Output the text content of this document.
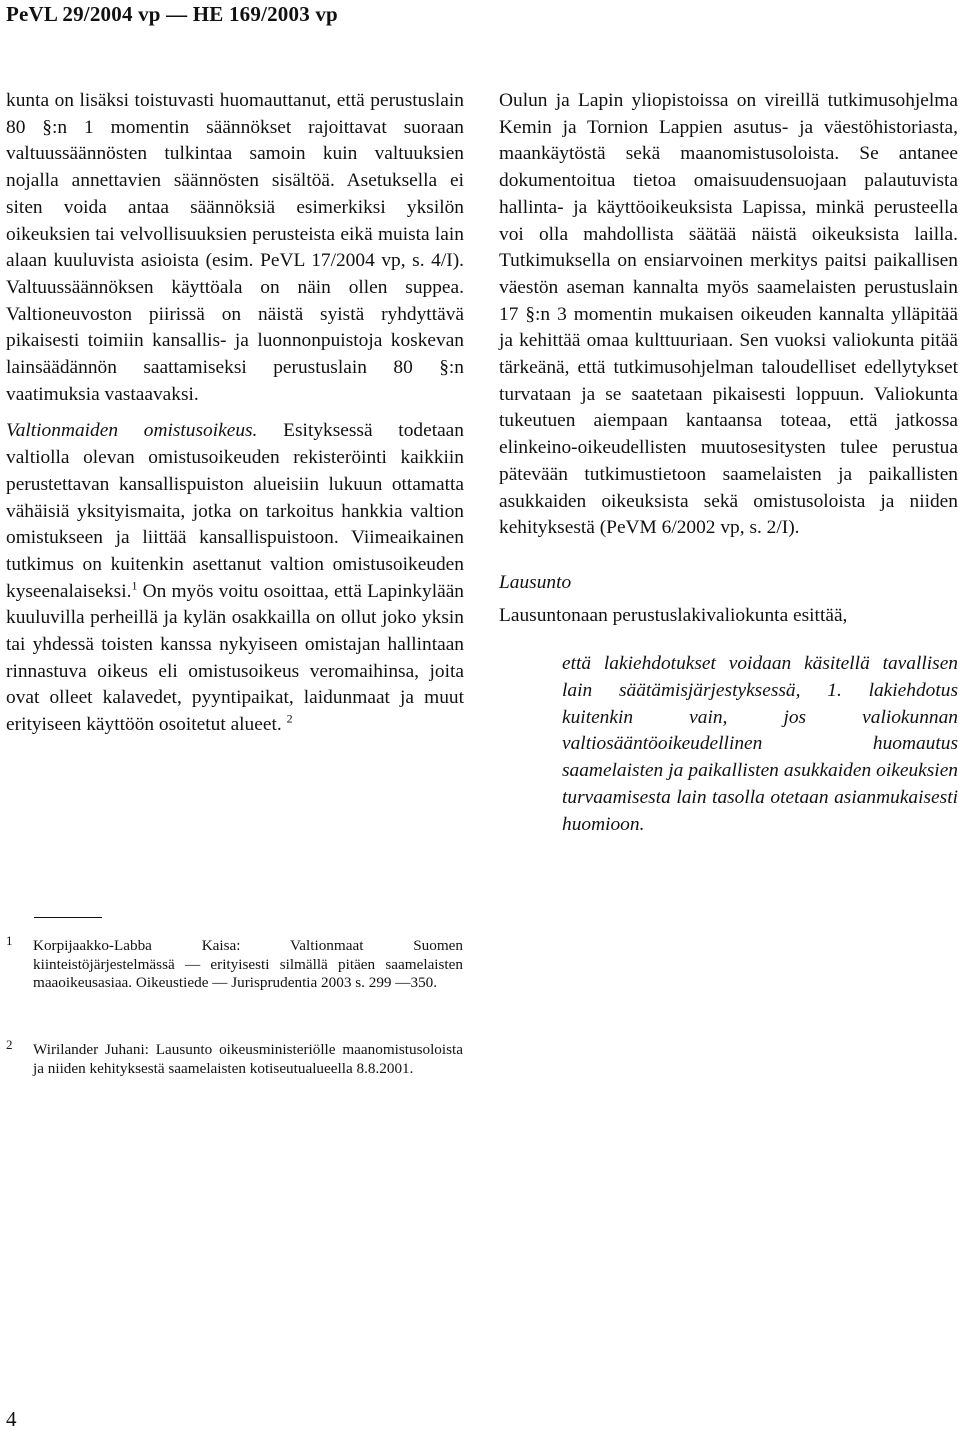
PeVL 29/2004 vp — HE 169/2003 vp

kunta on lisäksi toistuvasti huomauttanut, että perustuslain 80 §:n 1 momentin säännökset rajoittavat suoraan valtuussäännösten tulkintaa samoin kuin valtuuksien nojalla annettavien säännösten sisältöä. Asetuksella ei siten voida antaa säännöksiä esimerkiksi yksilön oikeuksien tai velvollisuuksien perusteista eikä muista lain alaan kuuluvista asioista (esim. PeVL 17/2004 vp, s. 4/I). Valtuussäännöksen käyttöala on näin ollen suppea. Valtioneuvoston piirissä on näistä syistä ryhdyttävä pikaisesti toimiin kansallis- ja luonnonpuistoja koskevan lainsäädännön saattamiseksi perustuslain 80 §:n vaatimuksia vastaavaksi.

Valtionmaiden omistusoikeus. Esityksessä todetaan valtiolla olevan omistusoikeuden rekisteröinti kaikkiin perustettavan kansallispuiston alueisiin lukuun ottamatta vähäisiä yksityismaita, jotka on tarkoitus hankkia valtion omistukseen ja liittää kansallispuistoon. Viimeaikainen tutkimus on kuitenkin asettanut valtion omistusoikeuden kyseenalaiseksi.$^1$ On myös voitu osoittaa, että Lapinkylään kuuluvilla perheillä ja kylän osakkailla on ollut joko yksin tai yhdessä toisten kanssa nykyiseen omistajan hallintaan rinnastuva oikeus eli omistusoikeus veromaihinsa, joita ovat olleet kalavedet, pyyntipaikat, laidunmaat ja muut erityiseen käyttöön osoitetut alueet. $^2$

1 Korpijaakko-Labba Kaisa: Valtionmaat Suomen kiinteistöjärjestelmässä — erityisesti silmällä pitäen saamelaisten maaoikeusasiaa. Oikeustiede — Jurisprudentia 2003 s. 299 —350.
2 Wirilander Juhani: Lausunto oikeusministeriölle maanomistusoloista ja niiden kehityksestä saamelaisten kotiseutualueella 8.8.2001.

Oulun ja Lapin yliopistoissa on vireillä tutkimusohjelma Kemin ja Tornion Lappien asutus- ja väestöhistoriasta, maankäytöstä sekä maanomistusoloista. Se antanee dokumentoitua tietoa omaisuudensuojaan palautuvista hallinta- ja käyttöoikeuksista Lapissa, minkä perusteella voi olla mahdollista säätää näistä oikeuksista lailla. Tutkimuksella on ensiarvoinen merkitys paitsi paikallisen väestön aseman kannalta myös saamelaisten perustuslain 17 §:n 3 momentin mukaisen oikeuden kannalta ylläpitää ja kehittää omaa kulttuuriaan. Sen vuoksi valiokunta pitää tärkeänä, että tutkimusohjelman taloudelliset edellytykset turvataan ja se saatetaan pikaisesti loppuun. Valiokunta tukeutuen aiempaan kantaansa toteaa, että jatkossa elinkeino-oikeudellisten muutosesitysten tulee perustua pätevään tutkimustietoon saamelaisten ja paikallisten asukkaiden oikeuksista sekä omistusoloista ja niiden kehityksestä (PeVM 6/2002 vp, s. 2/I).

Lausunto

Lausuntonaan perustuslakivaliokunta esittää,

että lakiehdotukset voidaan käsitellä tavallisen lain säätämisjärjestyksessä, 1. lakiehdotus kuitenkin vain, jos valiokunnan valtiosääntöoikeudellinen huomautus saamelaisten ja paikallisten asukkaiden oikeuksien turvaamisesta lain tasolla otetaan asianmukaisesti huomioon.

4
